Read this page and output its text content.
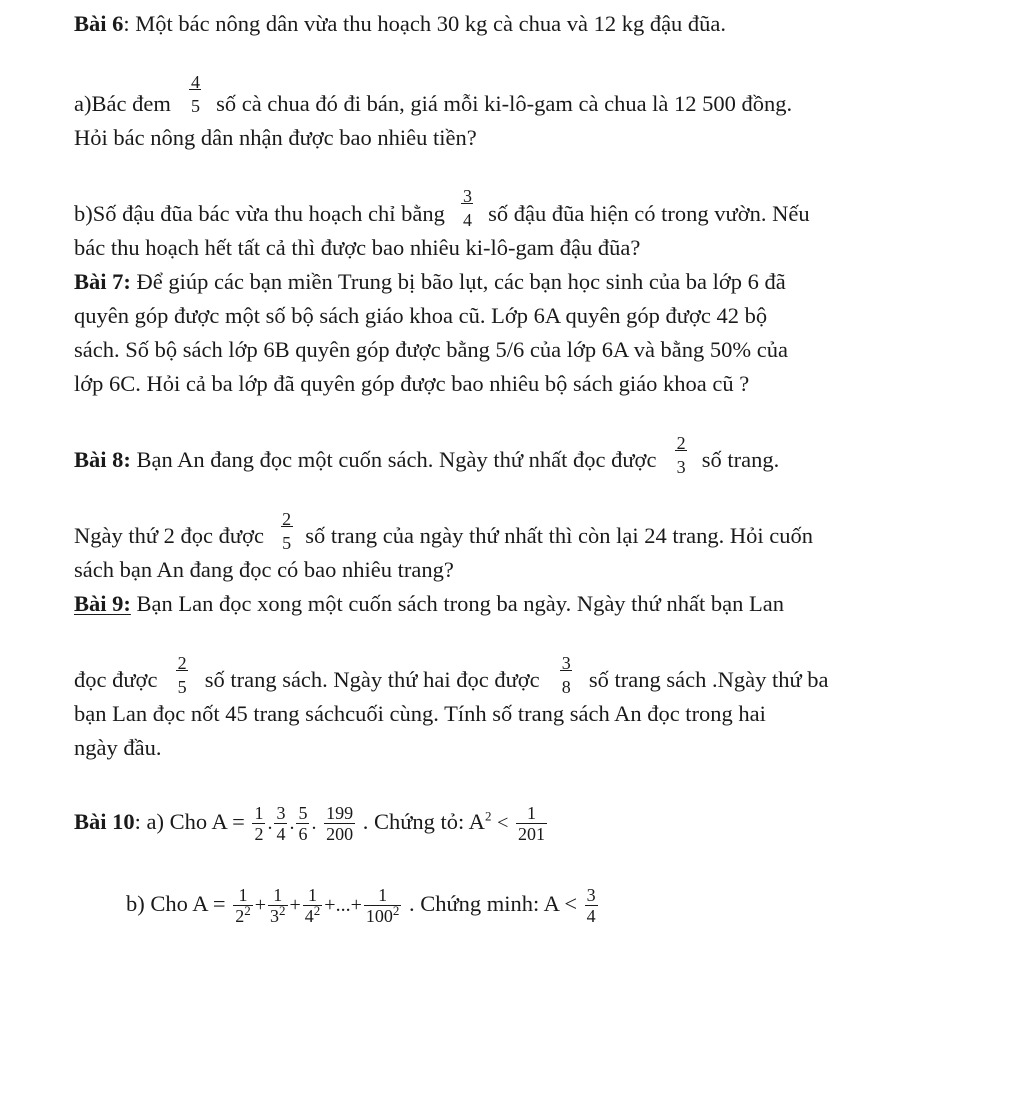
Bài 6: Một bác nông dân vừa thu hoạch 30 kg cà chua và 12 kg đậu đũa.
a)Bác đem
$\frac{4}{5}$
số cà chua đó đi bán, giá mỗi ki-lô-gam cà chua là 12 500 đồng.
Hỏi bác nông dân nhận được bao nhiêu tiền?
b)Số đậu đũa bác vừa thu hoạch chỉ bằng
$\frac{3}{4}$
số đậu đũa hiện có trong vườn. Nếu
bác thu hoạch hết tất cả thì được bao nhiêu ki-lô-gam đậu đũa?
Bài 7: Để giúp các bạn miền Trung bị bão lụt, các bạn học sinh của ba lớp 6 đã
quyên góp được một số bộ sách giáo khoa cũ. Lớp 6A quyên góp được 42 bộ
sách. Số bộ sách lớp 6B quyên góp được bằng 5/6 của lớp 6A và bằng 50% của
lớp 6C. Hỏi cả ba lớp đã quyên góp được bao nhiêu bộ sách giáo khoa cũ ?
Bài 8: Bạn An đang đọc một cuốn sách. Ngày thứ nhất đọc được
$\frac{2}{3}$
số trang.
Ngày thứ 2 đọc được
$\frac{2}{5}$
số trang của ngày thứ nhất thì còn lại 24 trang. Hỏi cuốn
sách bạn An đang đọc có bao nhiêu trang?
Bài 9: Bạn Lan đọc xong một cuốn sách trong ba ngày. Ngày thứ nhất bạn Lan
đọc được
$\frac{2}{5}$
số trang sách. Ngày thứ hai đọc được
$\frac{3}{8}$
số trang sách .Ngày thứ ba
bạn Lan đọc nốt 45 trang sáchcuối cùng. Tính số trang sách An đọc trong hai
ngày đầu.
Bài 10: a) Cho $A = \frac{1}{2}$ . $\frac{3}{4}$ . $\frac{5}{6}$ . $\frac{199}{200}$ . Chứng tỏ: $A^2 < \frac{1}{201}$
b) Cho $A = \frac{1}{2^2} + \frac{1}{3^2} + \frac{1}{4^2}$ +...+ $\frac{1}{100^2}$ . Chứng minh: $A < \frac{3}{4}$
